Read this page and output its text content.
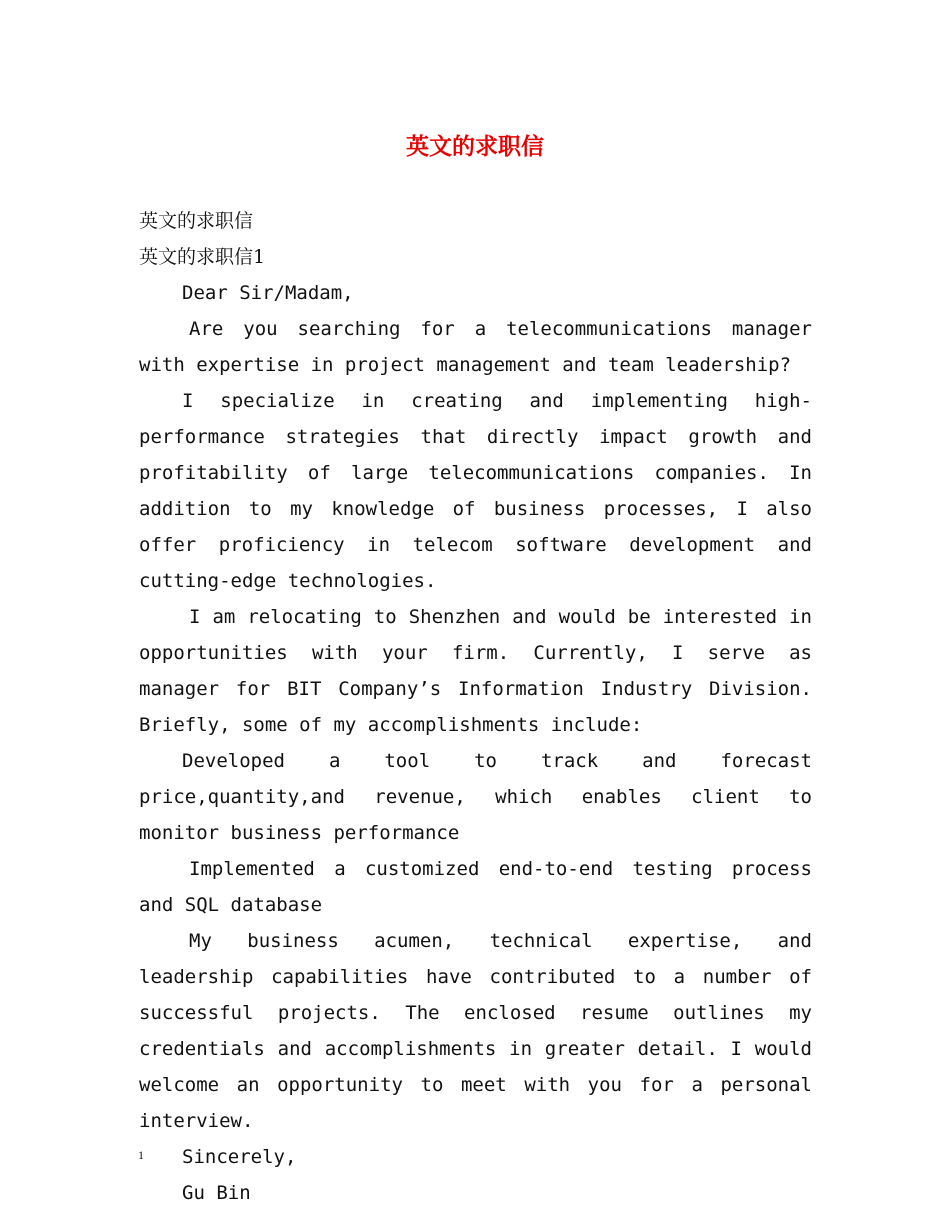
英文的求职信

英文的求职信

英文的求职信1

Dear Sir/Madam,

Are you searching for a telecommunications manager with expertise in project management and team leadership?

I specialize in creating and implementing high-performance strategies that directly impact growth and profitability of large telecommunications companies. In addition to my knowledge of business processes, I also offer proficiency in telecom software development and cutting-edge technologies.

I am relocating to Shenzhen and would be interested in opportunities with your firm. Currently, I serve as manager for BIT Company’s Information Industry Division. Briefly, some of my accomplishments include:

Developed a tool to track and forecast price,quantity,and revenue, which enables client to monitor business performance

Implemented a customized end-to-end testing process and SQL database

My business acumen, technical expertise, and leadership capabilities have contributed to a number of successful projects. The enclosed resume outlines my credentials and accomplishments in greater detail. I would welcome an opportunity to meet with you for a personal interview.

Sincerely,

Gu Bin

1
